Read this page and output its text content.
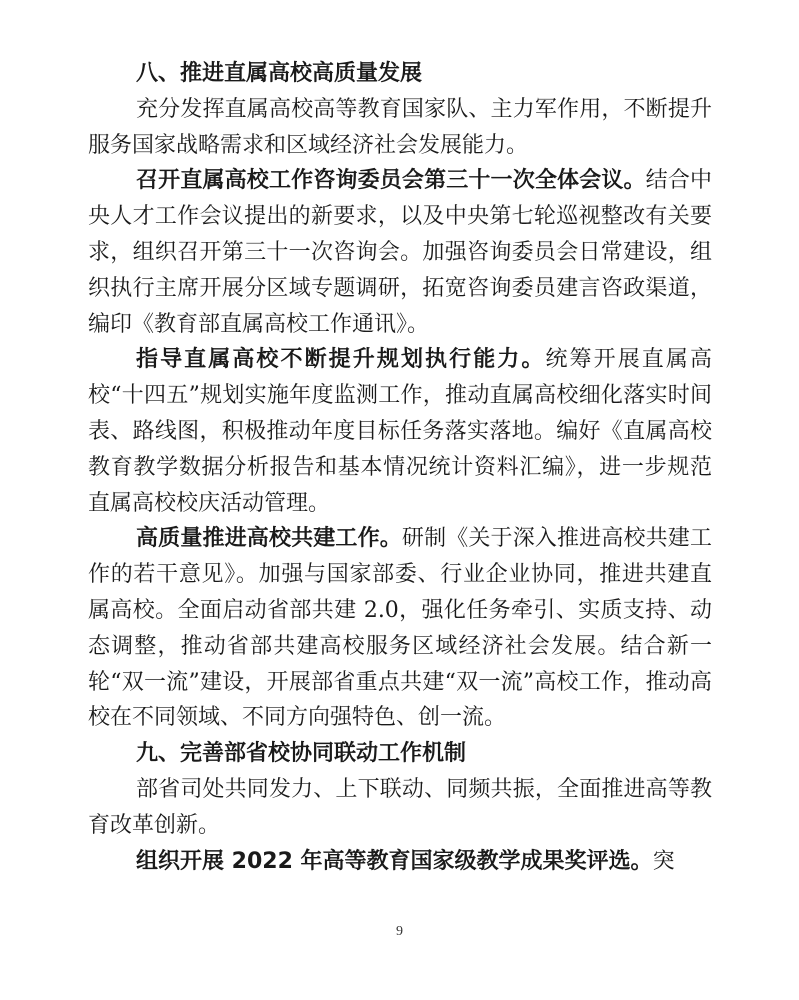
八、推进直属高校高质量发展

充分发挥直属高校高等教育国家队、主力军作用，不断提升服务国家战略需求和区域经济社会发展能力。

召开直属高校工作咨询委员会第三十一次全体会议。结合中央人才工作会议提出的新要求，以及中央第七轮巡视整改有关要求，组织召开第三十一次咨询会。加强咨询委员会日常建设，组织执行主席开展分区域专题调研，拓宽咨询委员建言咨政渠道，编印《教育部直属高校工作通讯》。

指导直属高校不断提升规划执行能力。统筹开展直属高校“十四五”规划实施年度监测工作，推动直属高校细化落实时间表、路线图，积极推动年度目标任务落实落地。编好《直属高校教育教学数据分析报告和基本情况统计资料汇编》，进一步规范直属高校校庆活动管理。

高质量推进高校共建工作。研制《关于深入推进高校共建工作的若干意见》。加强与国家部委、行业企业协同，推进共建直属高校。全面启动省部共建 2.0，强化任务牵引、实质支持、动态调整，推动省部共建高校服务区域经济社会发展。结合新一轮“双一流”建设，开展部省重点共建“双一流”高校工作，推动高校在不同领域、不同方向强特色、创一流。

九、完善部省校协同联动工作机制

部省司处共同发力、上下联动、同频共振，全面推进高等教育改革创新。

组织开展 2022 年高等教育国家级教学成果奖评选。突

9
